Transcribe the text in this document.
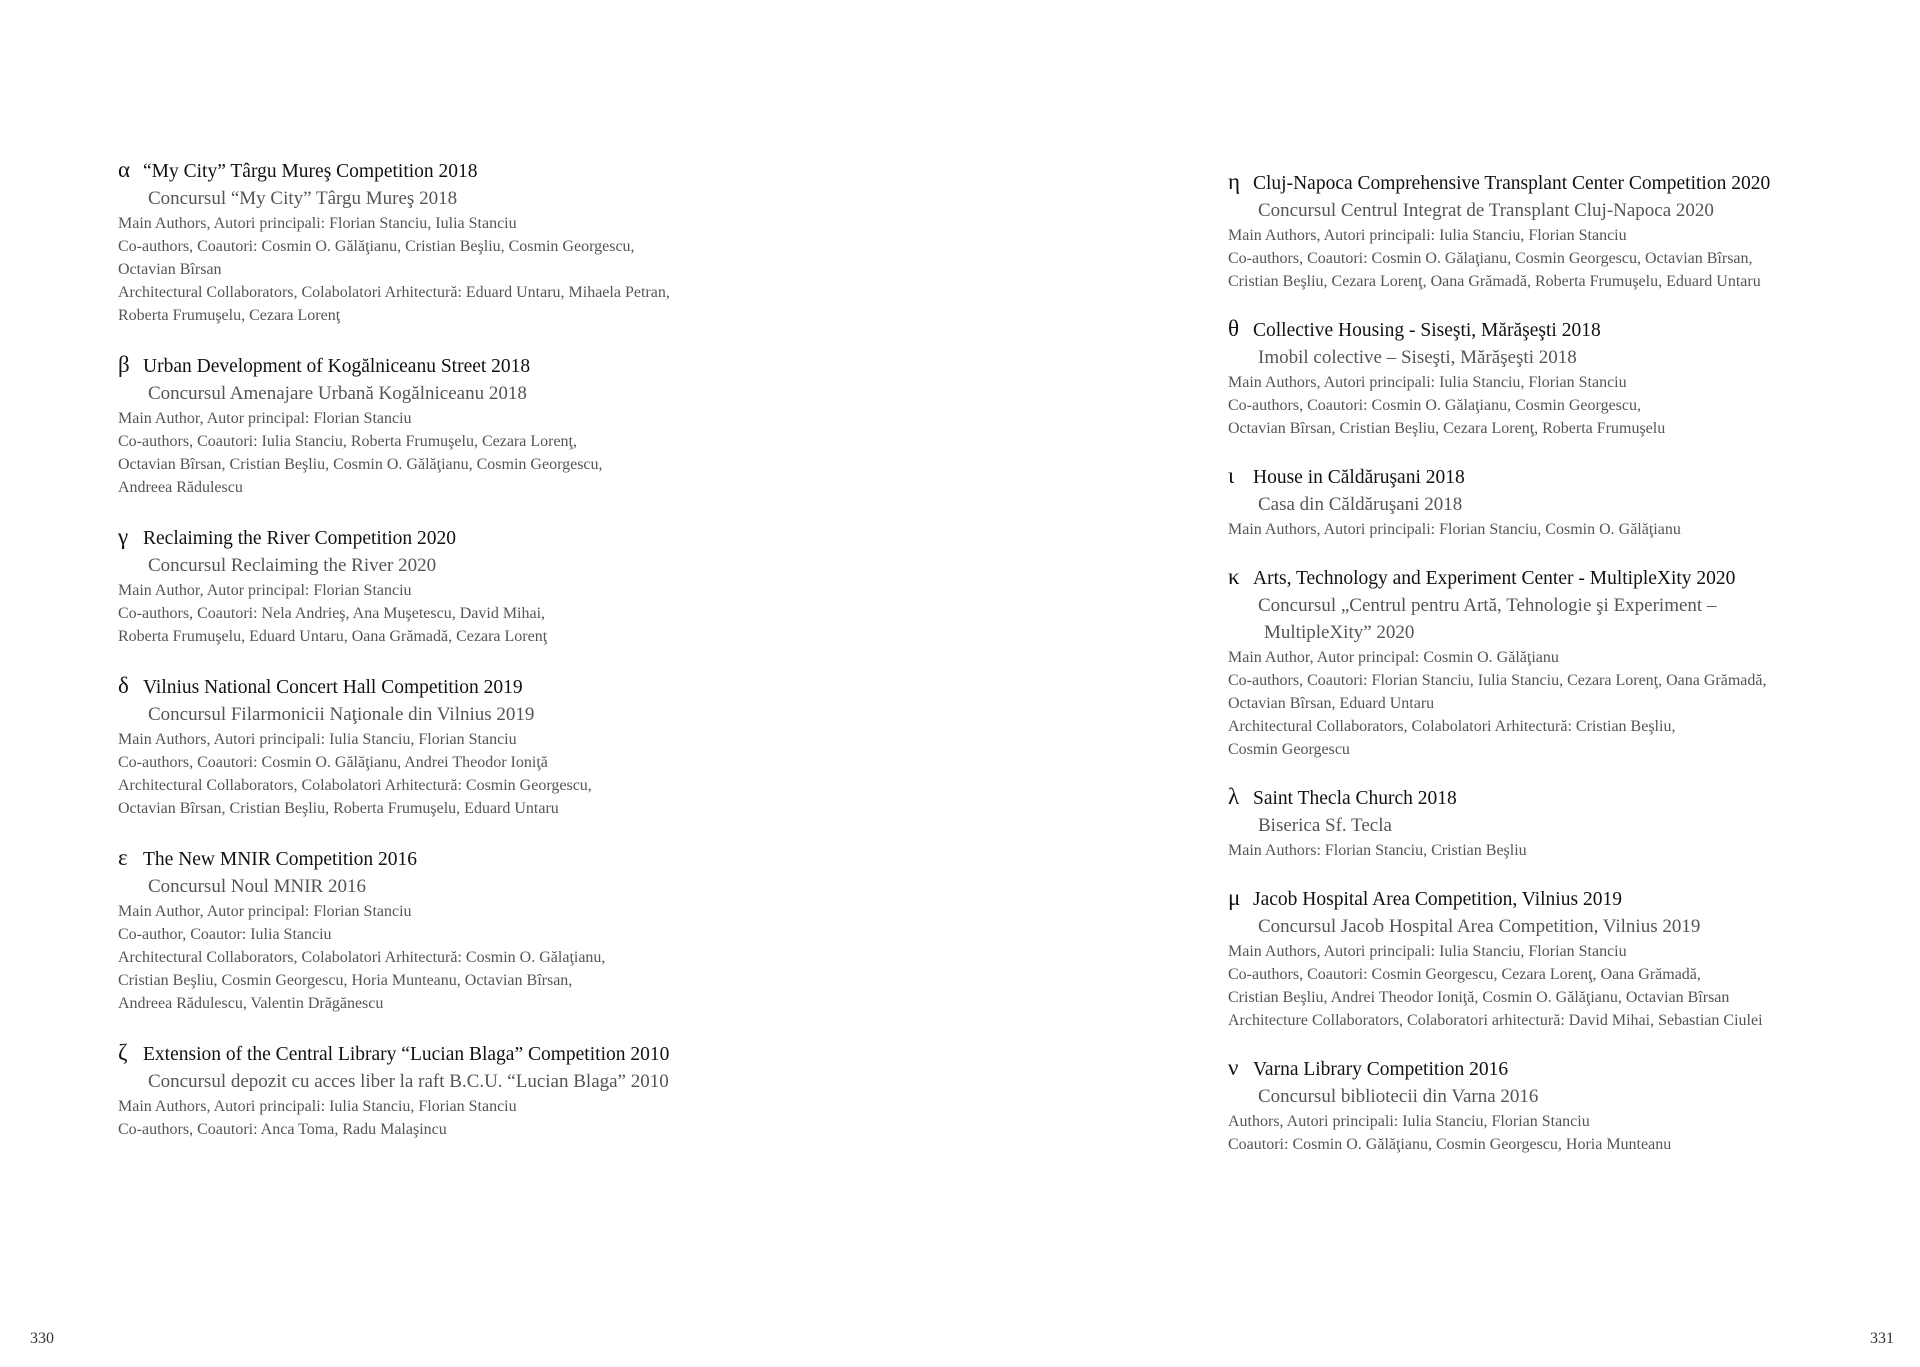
α “My City” Târgu Mureş Competition 2018
Concursul “My City” Târgu Mureş 2018
Main Authors, Autori principali: Florian Stanciu, Iulia Stanciu
Co-authors, Coautori: Cosmin O. Gălăţianu, Cristian Beşliu, Cosmin Georgescu,
Octavian Bîrsan
Architectural Collaborators, Colabolatori Arhitectură: Eduard Untaru, Mihaela Petran,
Roberta Frumuşelu, Cezara Lorenţ
β Urban Development of Kogălniceanu Street 2018
Concursul Amenajare Urbană Kogălniceanu 2018
Main Author, Autor principal: Florian Stanciu
Co-authors, Coautori: Iulia Stanciu, Roberta Frumuşelu, Cezara Lorenţ,
Octavian Bîrsan, Cristian Beşliu, Cosmin O. Gălăţianu, Cosmin Georgescu,
Andreea Rădulescu
γ Reclaiming the River Competition 2020
Concursul Reclaiming the River 2020
Main Author, Autor principal: Florian Stanciu
Co-authors, Coautori: Nela Andrieş, Ana Muşetescu, David Mihai,
Roberta Frumuşelu, Eduard Untaru, Oana Grămadă, Cezara Lorenţ
δ Vilnius National Concert Hall Competition 2019
Concursul Filarmonicii Naţionale din Vilnius 2019
Main Authors, Autori principali: Iulia Stanciu, Florian Stanciu
Co-authors, Coautori: Cosmin O. Gălăţianu, Andrei Theodor Ioniţă
Architectural Collaborators, Colabolatori Arhitectură: Cosmin Georgescu,
Octavian Bîrsan, Cristian Beşliu, Roberta Frumuşelu, Eduard Untaru
ε The New MNIR Competition 2016
Concursul Noul MNIR 2016
Main Author, Autor principal: Florian Stanciu
Co-author, Coautor: Iulia Stanciu
Architectural Collaborators, Colabolatori Arhitectură: Cosmin O. Gălaţianu,
Cristian Beşliu, Cosmin Georgescu, Horia Munteanu, Octavian Bîrsan,
Andreea Rădulescu, Valentin Drăgănescu
ζ Extension of the Central Library “Lucian Blaga” Competition 2010
Concursul depozit cu acces liber la raft B.C.U. “Lucian Blaga” 2010
Main Authors, Autori principali: Iulia Stanciu, Florian Stanciu
Co-authors, Coautori: Anca Toma, Radu Malaşincu
330
η Cluj-Napoca Comprehensive Transplant Center Competition 2020
Concursul Centrul Integrat de Transplant Cluj-Napoca 2020
Main Authors, Autori principali: Iulia Stanciu, Florian Stanciu
Co-authors, Coautori: Cosmin O. Gălaţianu, Cosmin Georgescu, Octavian Bîrsan,
Cristian Beşliu, Cezara Lorenţ, Oana Grămadă, Roberta Frumuşelu, Eduard Untaru
θ Collective Housing - Siseşti, Mărăşeşti 2018
Imobil colective – Siseşti, Mărăşeşti 2018
Main Authors, Autori principali: Iulia Stanciu, Florian Stanciu
Co-authors, Coautori: Cosmin O. Gălaţianu, Cosmin Georgescu,
Octavian Bîrsan, Cristian Beşliu, Cezara Lorenţ, Roberta Frumuşelu
ι House in Căldăruşani 2018
Casa din Căldăruşani 2018
Main Authors, Autori principali: Florian Stanciu, Cosmin O. Gălăţianu
κ Arts, Technology and Experiment Center - MultipleXity 2020
Concursul „Centrul pentru Artă, Tehnologie şi Experiment –
MultipleXity” 2020
Main Author, Autor principal: Cosmin O. Gălăţianu
Co-authors, Coautori: Florian Stanciu, Iulia Stanciu, Cezara Lorenţ, Oana Grămadă,
Octavian Bîrsan, Eduard Untaru
Architectural Collaborators, Colabolatori Arhitectură: Cristian Beşliu,
Cosmin Georgescu
λ Saint Thecla Church 2018
Biserica Sf. Tecla
Main Authors: Florian Stanciu, Cristian Beşliu
μ Jacob Hospital Area Competition, Vilnius 2019
Concursul Jacob Hospital Area Competition, Vilnius 2019
Main Authors, Autori principali: Iulia Stanciu, Florian Stanciu
Co-authors, Coautori: Cosmin Georgescu, Cezara Lorenţ, Oana Grămadă,
Cristian Beşliu, Andrei Theodor Ioniţă, Cosmin O. Gălăţianu, Octavian Bîrsan
Architecture Collaborators, Colaboratori arhitectură: David Mihai, Sebastian Ciulei
ν Varna Library Competition 2016
Concursul bibliotecii din Varna 2016
Authors, Autori principali: Iulia Stanciu, Florian Stanciu
Coautori: Cosmin O. Gălăţianu, Cosmin Georgescu, Horia Munteanu
331
